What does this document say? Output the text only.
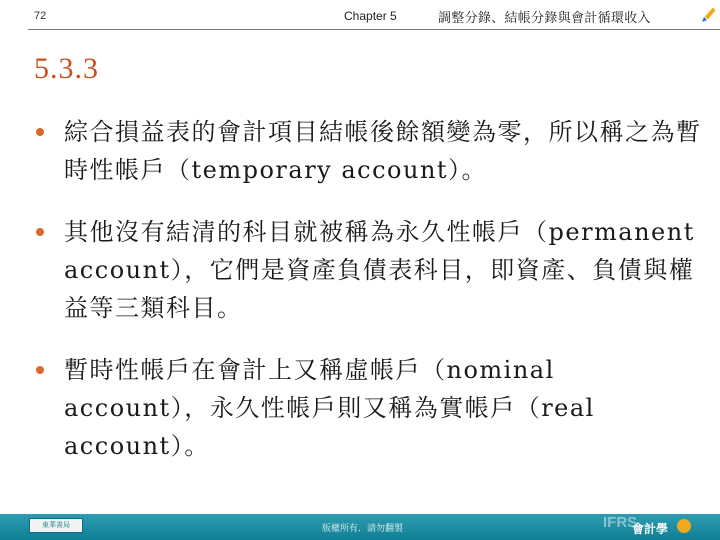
72	Chapter 5	調整分錄、結帳分錄與會計循環收入
5.3.3
綜合損益表的會計項目結帳後餘額變為零，所以稱之為暫時性帳戶（temporary account）。
其他沒有結清的科目就被稱為永久性帳戶（permanent account），它們是資產負債表科目，即資產、負債與權益等三類科目。
暫時性帳戶在會計上又稱虛帳戶（nominal account），永久性帳戶則又稱為實帳戶（real account）。
東華書局	版權所有．請勿翻製	IFRS
會計學
